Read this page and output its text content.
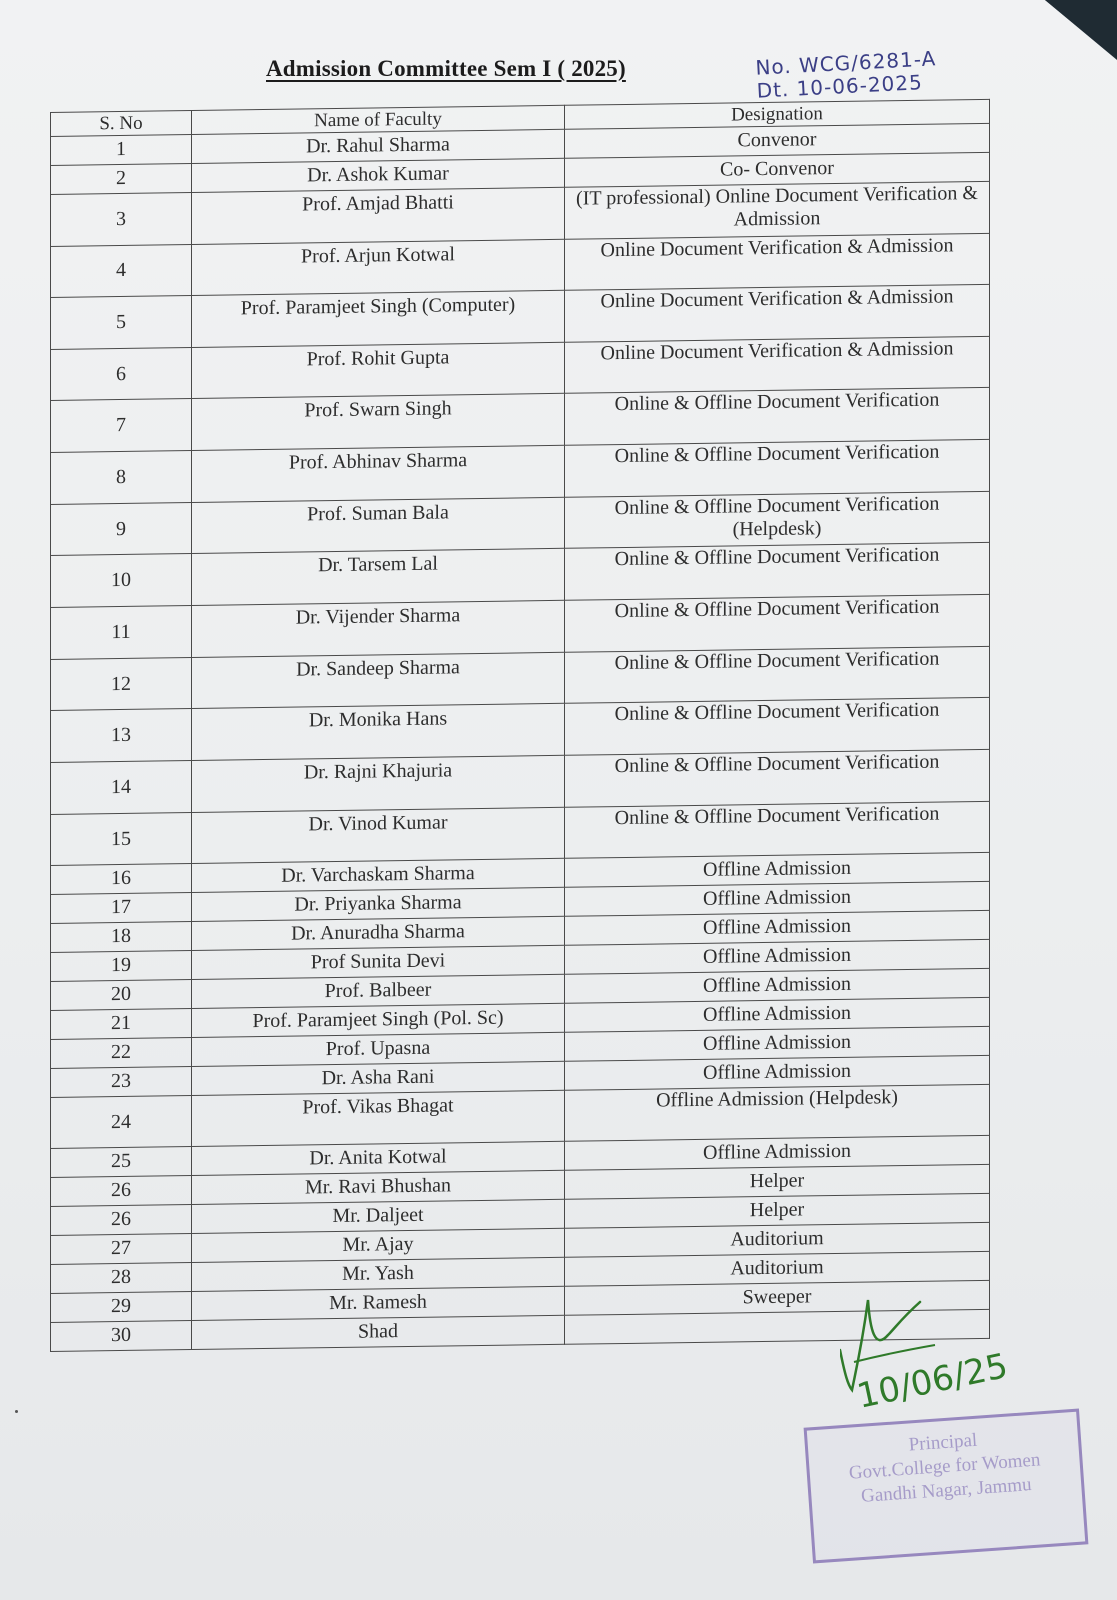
Admission Committee Sem I ( 2025)	No. WCG/6281-A
Dt. 10-06-2025
S. No	Name of Faculty	Designation
1	Dr. Rahul Sharma	Convenor
2	Dr. Ashok Kumar	Co- Convenor
3	Prof. Amjad Bhatti	(IT professional) Online Document Verification & Admission
4	Prof. Arjun Kotwal	Online Document Verification & Admission
5	Prof. Paramjeet Singh (Computer)	Online Document Verification & Admission
6	Prof. Rohit Gupta	Online Document Verification & Admission
7	Prof. Swarn Singh	Online & Offline Document Verification
8	Prof. Abhinav Sharma	Online & Offline Document Verification
9	Prof. Suman Bala	Online & Offline Document Verification (Helpdesk)
10	Dr. Tarsem Lal	Online & Offline Document Verification
11	Dr. Vijender Sharma	Online & Offline Document Verification
12	Dr. Sandeep Sharma	Online & Offline Document Verification
13	Dr. Monika Hans	Online & Offline Document Verification
14	Dr. Rajni Khajuria	Online & Offline Document Verification
15	Dr. Vinod Kumar	Online & Offline Document Verification
16	Dr. Varchaskam Sharma	Offline Admission
17	Dr. Priyanka Sharma	Offline Admission
18	Dr. Anuradha Sharma	Offline Admission
19	Prof Sunita Devi	Offline Admission
20	Prof. Balbeer	Offline Admission
21	Prof. Paramjeet Singh (Pol. Sc)	Offline Admission
22	Prof. Upasna	Offline Admission
23	Dr. Asha Rani	Offline Admission
24	Prof. Vikas Bhagat	Offline Admission (Helpdesk)
25	Dr. Anita Kotwal	Offline Admission
26	Mr. Ravi Bhushan	Helper
26	Mr. Daljeet	Helper
27	Mr. Ajay	Auditorium
28	Mr. Yash	Auditorium
29	Mr. Ramesh	Sweeper
30	Shad	
10/06/25
Principal
Govt.College for Women
Gandhi Nagar, Jammu
